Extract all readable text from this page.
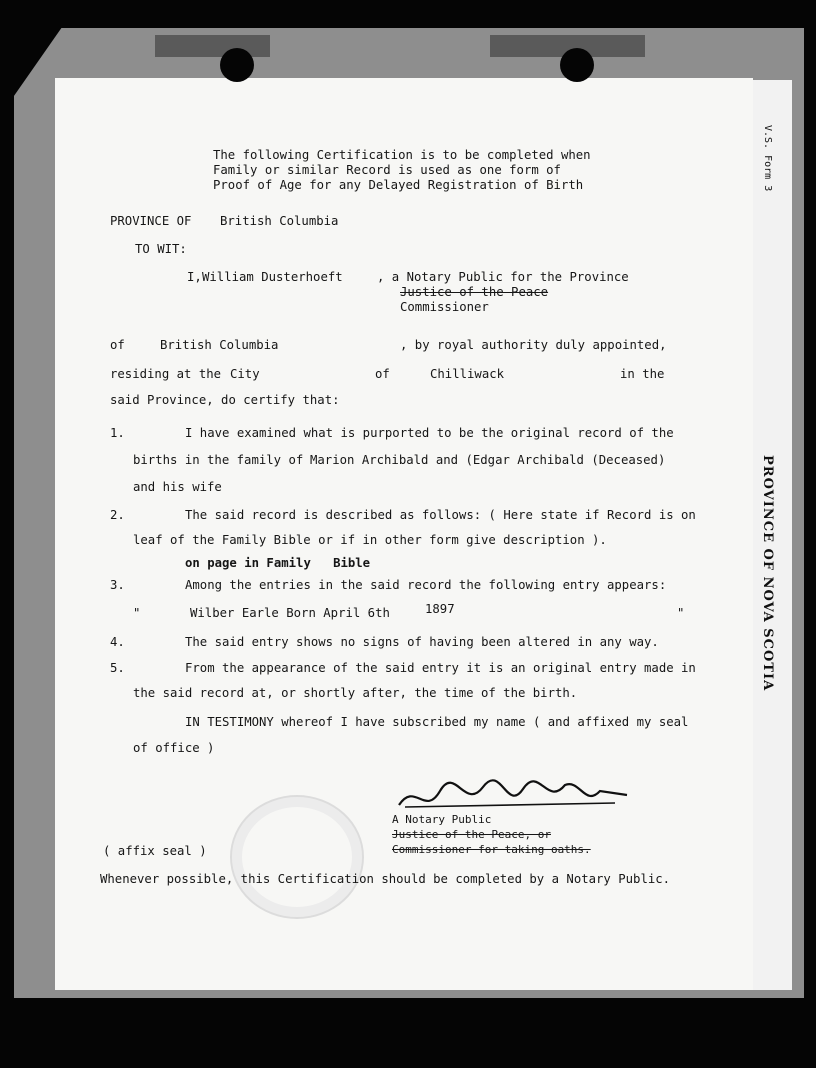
V.S. Form 3
PROVINCE OF NOVA SCOTIA
The following Certification is to be completed when
Family or similar Record is used as one form of
Proof of Age for any Delayed Registration of Birth
PROVINCE OF British Columbia
TO WIT:
I, William Dusterhoeft	, a Notary Public for the Province
Justice of the Peace
Commissioner
of	British Columbia	, by royal authority duly appointed,
residing at the City	of	Chilliwack	in the
said Province, do certify that:
1.	I have examined what is purported to be the original record of the
births in the family of Marion Archibald and (Edgar Archibald (Deceased)
and his wife
2.	The said record is described as follows: ( Here state if Record is on
leaf of the Family Bible or if in other form give description ).
on page in Family   Bible
3.	Among the entries in the said record the following entry appears:
"	Wilber Earle Born April 6th	1897	"
4.	The said entry shows no signs of having been altered in any way.
5.	From the appearance of the said entry it is an original entry made in
the said record at, or shortly after, the time of the birth.
IN TESTIMONY whereof I have subscribed my name ( and affixed my seal
of office )
A Notary Public
Justice of the Peace, or
Commissioner for taking oaths.
( affix seal )
Whenever possible, this Certification should be completed by a Notary Public.
